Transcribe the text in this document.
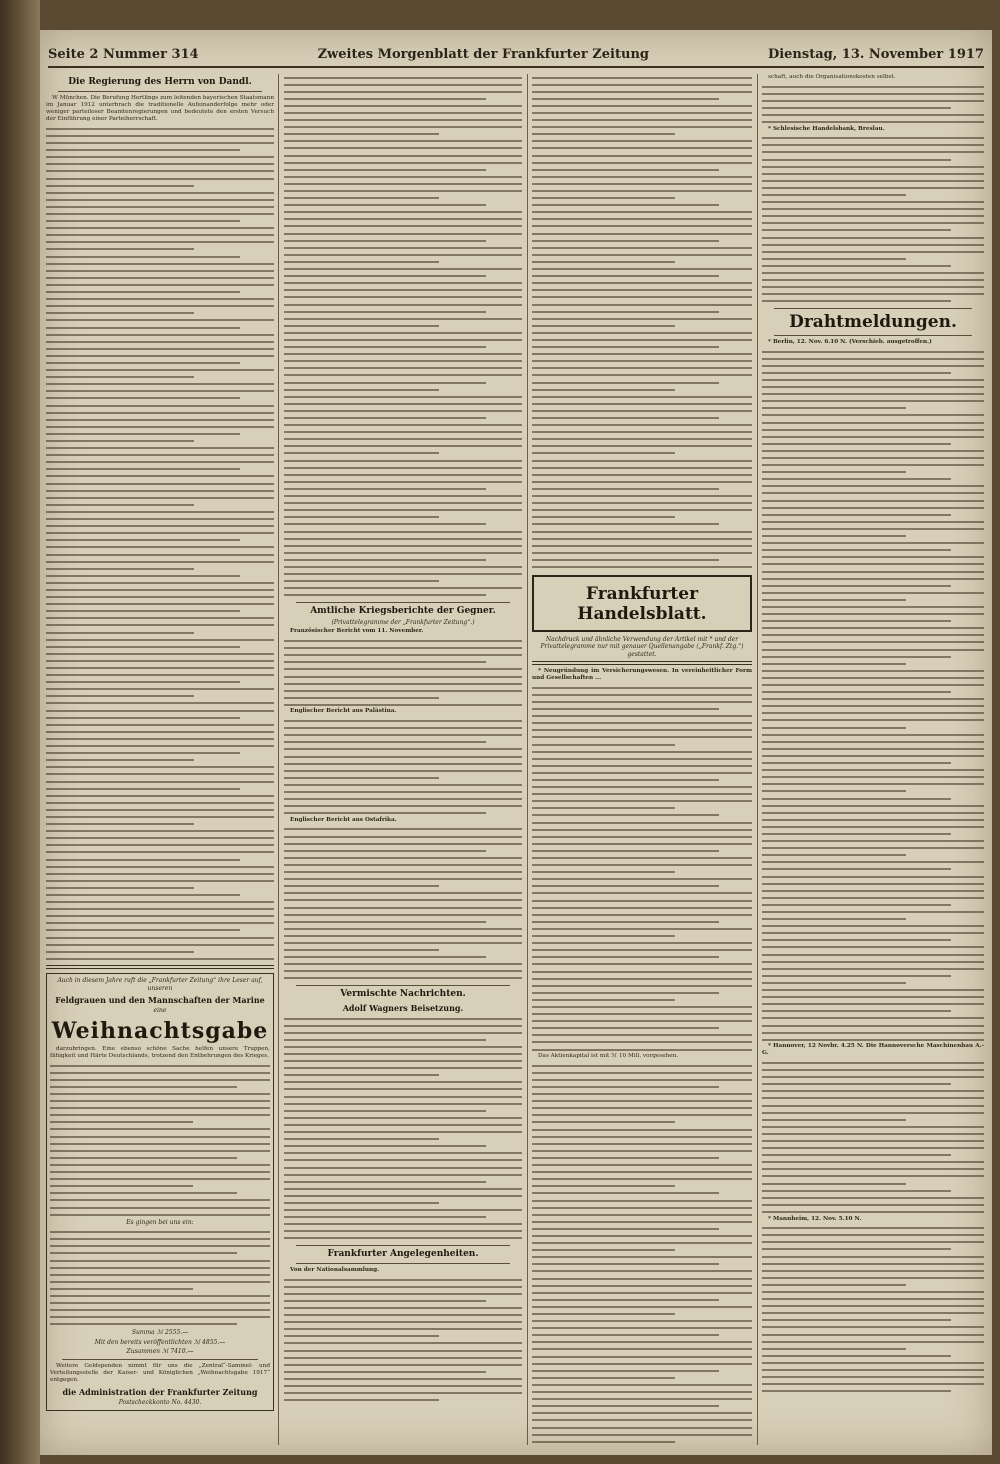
Seite 2 Nummer 314	Zweites Morgenblatt der Frankfurter Zeitung	Dienstag, 13. November 1917
Die Regierung des Herrn von Dandl.

W München. Die Berufung Hertlings zum leitenden bayerischen Staatsmann im Januar 1912 unterbrach die traditionelle Aufeinanderfolge mehr oder weniger parteiloser Beamtenregierungen und bedeutete den ersten Versuch der Einführung einer Parteiherrschaft.

Auch in diesem Jahre ruft die „Frankfurter Zeitung“ ihre Leser auf, unseren
Feldgrauen und den Mannschaften der Marine
eine
Weihnachtsgabe

darzubringen. Eine ebenso schöne Sache helfen unsere Truppen, fähigkeit und Härte Deutschlands, trotzend den Entbehrungen des Krieges.

Es gingen bei uns ein:
Summa ℳ 2555.—
Mit den bereits veröffentlichten ℳ 4855.—
Zusammen ℳ 7410.—

Weitere Geldspenden nimmt für uns die „Zentral“-Sammel- und Verteilungsstelle der Kaiser- und Königlichen „Weihnachtsgabe 1917“ entgegen.

die Administration der Frankfurter Zeitung
Postscheckkonto No. 4430.
Amtliche Kriegsberichte der Gegner.
(Privattelegramme der „Frankfurter Zeitung“.)

Französischer Bericht vom 11. November.

Englischer Bericht aus Palästina.

Englischer Bericht aus Ostafrika.

Vermischte Nachrichten.
Adolf Wagners Beisetzung.
Frankfurter Angelegenheiten.

Von der Nationalsammlung.

Frankfurter Handelsblatt.
Nachdruck und ähnliche Verwendung der Artikel mit * und der Privattelegramme nur mit genauer Quellenangabe („Frankf. Ztg.“) gestattet.

* Neugründung im Versicherungswesen. In vereinheitlicher Form und Gesellschaften ...

Das Aktienkapital ist mit ℳ 10 Mill. vorgesehen.

schaft, auch die Organisationskosten selbst.

* Schlesische Handelsbank, Breslau.

Drahtmeldungen.

* Berlin, 12. Nov. 6.10 N. (Verschieb. ausgetroffen.)

* Hannover, 12 Novbr. 4.25 N. Die Hannoversche Maschinenbau A.-G.

* Mannheim, 12. Nov. 5.10 N.
